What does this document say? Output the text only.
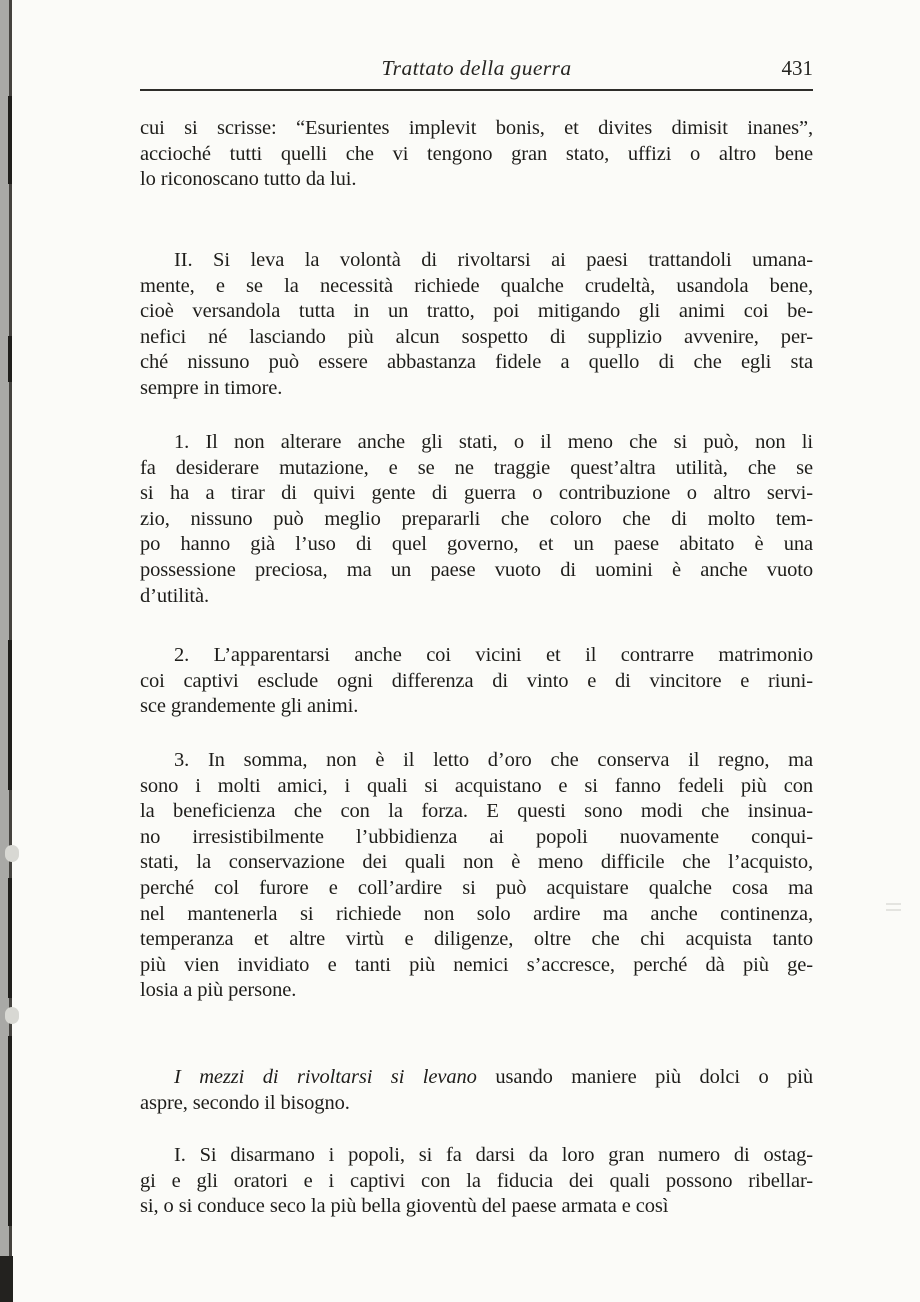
Trattato della guerra	431
cui si scrisse: “Esurientes implevit bonis, et divites dimisit inanes”,
accioché tutti quelli che vi tengono gran stato, uffizi o altro bene
lo riconoscano tutto da lui.
II. Si leva la volontà di rivoltarsi ai paesi trattandoli umana-
mente, e se la necessità richiede qualche crudeltà, usandola bene,
cioè versandola tutta in un tratto, poi mitigando gli animi coi be-
nefici né lasciando più alcun sospetto di supplizio avvenire, per-
ché nissuno può essere abbastanza fidele a quello di che egli sta
sempre in timore.
1. Il non alterare anche gli stati, o il meno che si può, non li
fa desiderare mutazione, e se ne traggie quest’altra utilità, che se
si ha a tirar di quivi gente di guerra o contribuzione o altro servi-
zio, nissuno può meglio prepararli che coloro che di molto tem-
po hanno già l’uso di quel governo, et un paese abitato è una
possessione preciosa, ma un paese vuoto di uomini è anche vuoto
d’utilità.
2. L’apparentarsi anche coi vicini et il contrarre matrimonio
coi captivi esclude ogni differenza di vinto e di vincitore e riuni-
sce grandemente gli animi.
3. In somma, non è il letto d’oro che conserva il regno, ma
sono i molti amici, i quali si acquistano e si fanno fedeli più con
la beneficienza che con la forza. E questi sono modi che insinua-
no irresistibilmente l’ubbidienza ai popoli nuovamente conqui-
stati, la conservazione dei quali non è meno difficile che l’acquisto,
perché col furore e coll’ardire si può acquistare qualche cosa ma
nel mantenerla si richiede non solo ardire ma anche continenza,
temperanza et altre virtù e diligenze, oltre che chi acquista tanto
più vien invidiato e tanti più nemici s’accresce, perché dà più ge-
losia a più persone.
I mezzi di rivoltarsi si levano usando maniere più dolci o più
aspre, secondo il bisogno.
I. Si disarmano i popoli, si fa darsi da loro gran numero di ostag-
gi e gli oratori e i captivi con la fiducia dei quali possono ribellar-
si, o si conduce seco la più bella gioventù del paese armata e così
